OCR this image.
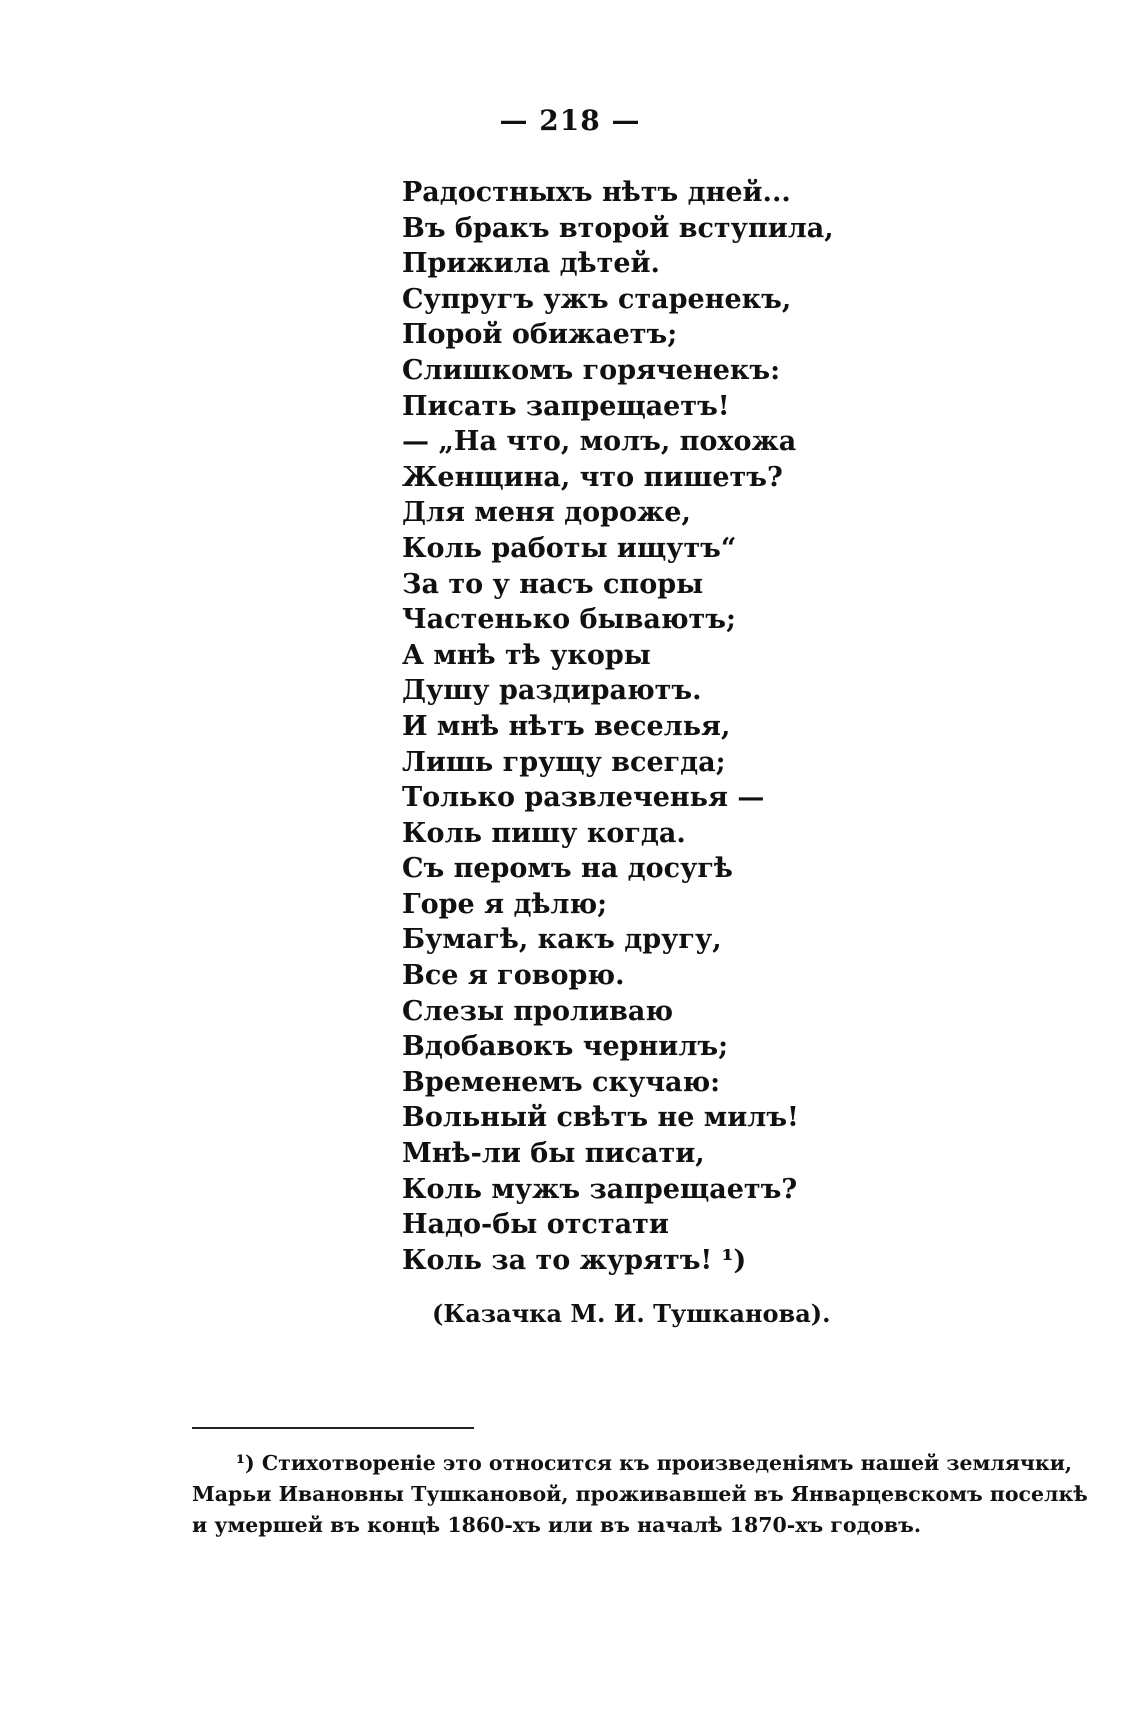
— 218 —
Радостныхъ нѣтъ дней...
Въ бракъ второй вступила,
Прижила дѣтей.
Супругъ ужъ старенекъ,
Порой обижаетъ;
Слишкомъ горяченекъ:
Писать запрещаетъ!
— „На что, молъ, похожа
Женщина, что пишетъ?
Для меня дороже,
Коль работы ищутъ“
За то у насъ споры
Частенько бываютъ;
А мнѣ тѣ укоры
Душу раздираютъ.
И мнѣ нѣтъ веселья,
Лишь грущу всегда;
Только развлеченья —
Коль пишу когда.
Съ перомъ на досугѣ
Горе я дѣлю;
Бумагѣ, какъ другу,
Все я говорю.
Слезы проливаю
Вдобавокъ чернилъ;
Временемъ скучаю:
Вольный свѣтъ не милъ!
Мнѣ-ли бы писати,
Коль мужъ запрещаетъ?
Надо-бы отстати
Коль за то журятъ! ¹)
(Казачка М. И. Тушканова).
¹) Стихотвореніе это относится къ произведеніямъ нашей землячки,
Марьи Ивановны Тушкановой, проживавшей въ Январцевскомъ поселкѣ
и умершей въ концѣ 1860-хъ или въ началѣ 1870-хъ годовъ.
